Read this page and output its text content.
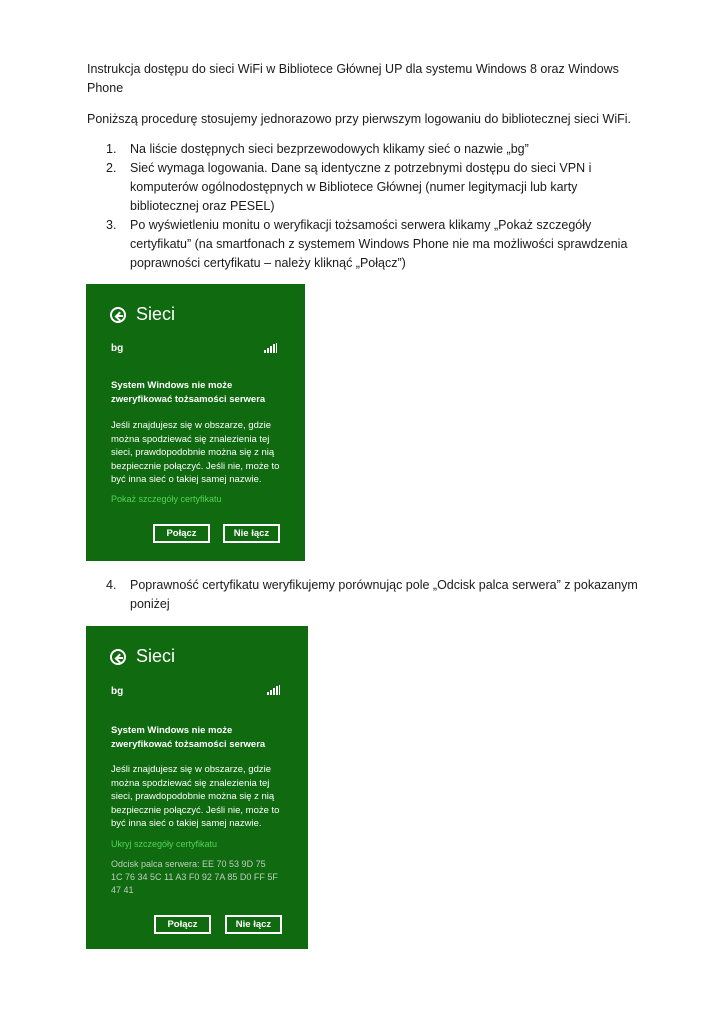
Instrukcja dostępu do sieci WiFi w Bibliotece Głównej UP dla systemu Windows 8 oraz Windows
Phone
Poniższą procedurę stosujemy jednorazowo przy pierwszym logowaniu do bibliotecznej sieci WiFi.
1. Na liście dostępnych sieci bezprzewodowych klikamy sieć o nazwie „bg”
2. Sieć wymaga logowania. Dane są identyczne z potrzebnymi dostępu do sieci VPN i
komputerów ogólnodostępnych w Bibliotece Głównej (numer legitymacji lub karty
bibliotecznej oraz PESEL)
3. Po wyświetleniu monitu o weryfikacji tożsamości serwera klikamy „Pokaż szczegóły
certyfikatu” (na smartfonach z systemem Windows Phone nie ma możliwości sprawdzenia
poprawności certyfikatu – należy kliknąć „Połącz”)
Sieci
bg
System Windows nie może
zweryfikować tożsamości serwera
Jeśli znajdujesz się w obszarze, gdzie
można spodziewać się znalezienia tej
sieci, prawdopodobnie można się z nią
bezpiecznie połączyć. Jeśli nie, może to
być inna sieć o takiej samej nazwie.
Pokaż szczegóły certyfikatu
Połącz	Nie łącz
4. Poprawność certyfikatu weryfikujemy porównując pole „Odcisk palca serwera” z pokazanym
poniżej
Sieci
bg
System Windows nie może
zweryfikować tożsamości serwera
Jeśli znajdujesz się w obszarze, gdzie
można spodziewać się znalezienia tej
sieci, prawdopodobnie można się z nią
bezpiecznie połączyć. Jeśli nie, może to
być inna sieć o takiej samej nazwie.
Ukryj szczegóły certyfikatu
Odcisk palca serwera: EE 70 53 9D 75
1C 76 34 5C 11 A3 F0 92 7A 85 D0 FF 5F
47 41
Połącz	Nie łącz
